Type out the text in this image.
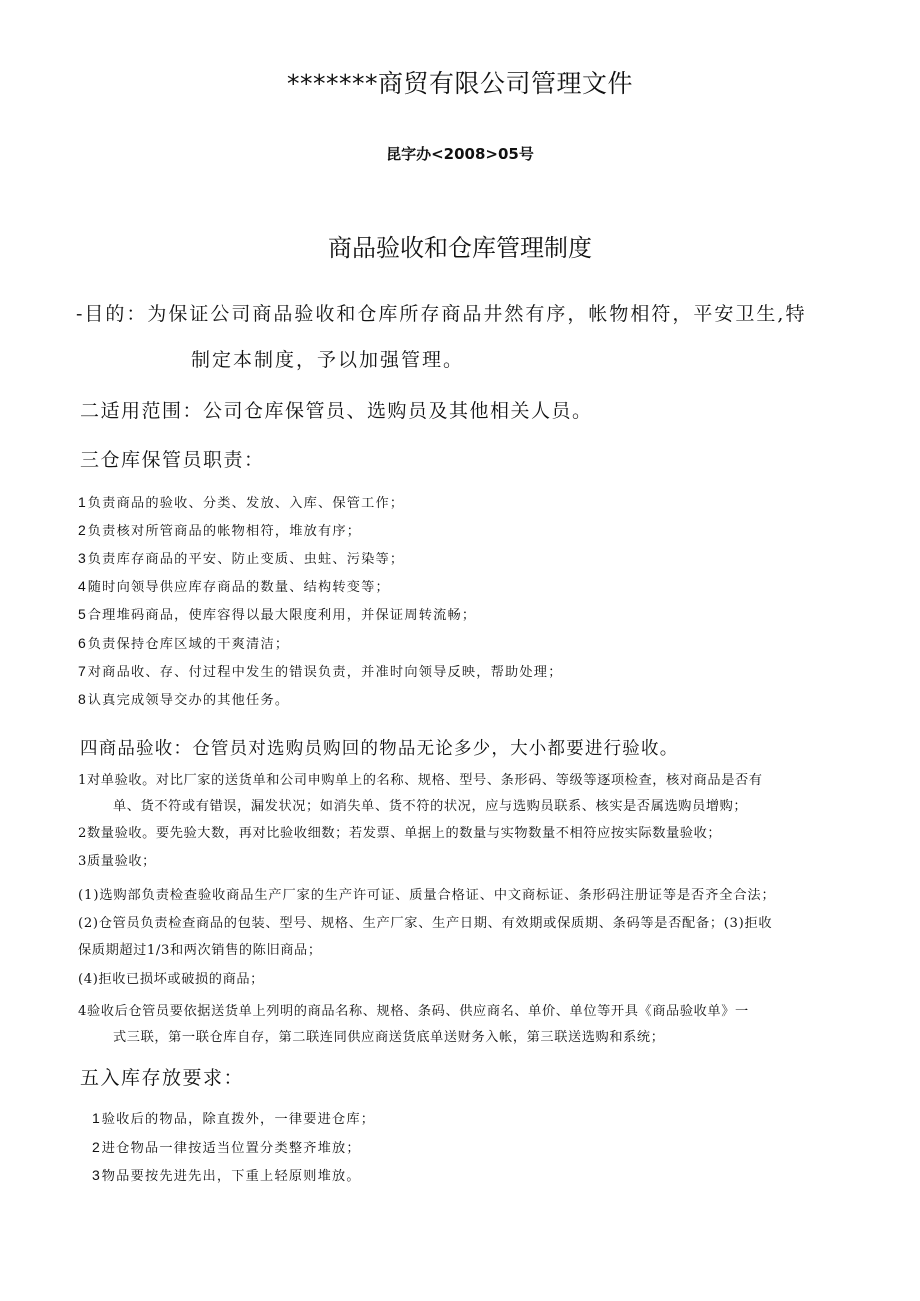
*******商贸有限公司管理文件
昆字办<2008>05号
商品验收和仓库管理制度
-目的：为保证公司商品验收和仓库所存商品井然有序，帐物相符，平安卫生,特
制定本制度，予以加强管理。
二适用范围：公司仓库保管员、选购员及其他相关人员。
三仓库保管员职责：
1 负责商品的验收、分类、发放、入库、保管工作；
2 负责核对所管商品的帐物相符，堆放有序；
3 负责库存商品的平安、防止变质、虫蛀、污染等；
4 随时向领导供应库存商品的数量、结构转变等；
5 合理堆码商品，使库容得以最大限度利用，并保证周转流畅；
6 负责保持仓库区域的干爽清洁；
7 对商品收、存、付过程中发生的错误负责，并准时向领导反映，帮助处理；
8 认真完成领导交办的其他任务。
四商品验收：仓管员对选购员购回的物品无论多少，大小都要进行验收。
1对单验收。对比厂家的送货单和公司申购单上的名称、规格、型号、条形码、等级等逐项检查，核对商品是否有
单、货不符或有错误，漏发状况；如消失单、货不符的状况，应与选购员联系、核实是否属选购员增购；
2数量验收。要先验大数，再对比验收细数；若发票、单据上的数量与实物数量不相符应按实际数量验收；
3质量验收；
(1)选购部负责检查验收商品生产厂家的生产许可证、质量合格证、中文商标证、条形码注册证等是否齐全合法；
(2)仓管员负责检查商品的包装、型号、规格、生产厂家、生产日期、有效期或保质期、条码等是否配备；(3)拒收
保质期超过1/3和两次销售的陈旧商品；
(4)拒收已损坏或破损的商品；
4验收后仓管员要依据送货单上列明的商品名称、规格、条码、供应商名、单价、单位等开具《商品验收单》一
式三联，第一联仓库自存，第二联连同供应商送货底单送财务入帐，第三联送选购和系统；
五入库存放要求：
1 验收后的物品，除直拨外，一律要进仓库；
2 进仓物品一律按适当位置分类整齐堆放；
3 物品要按先进先出，下重上轻原则堆放。
